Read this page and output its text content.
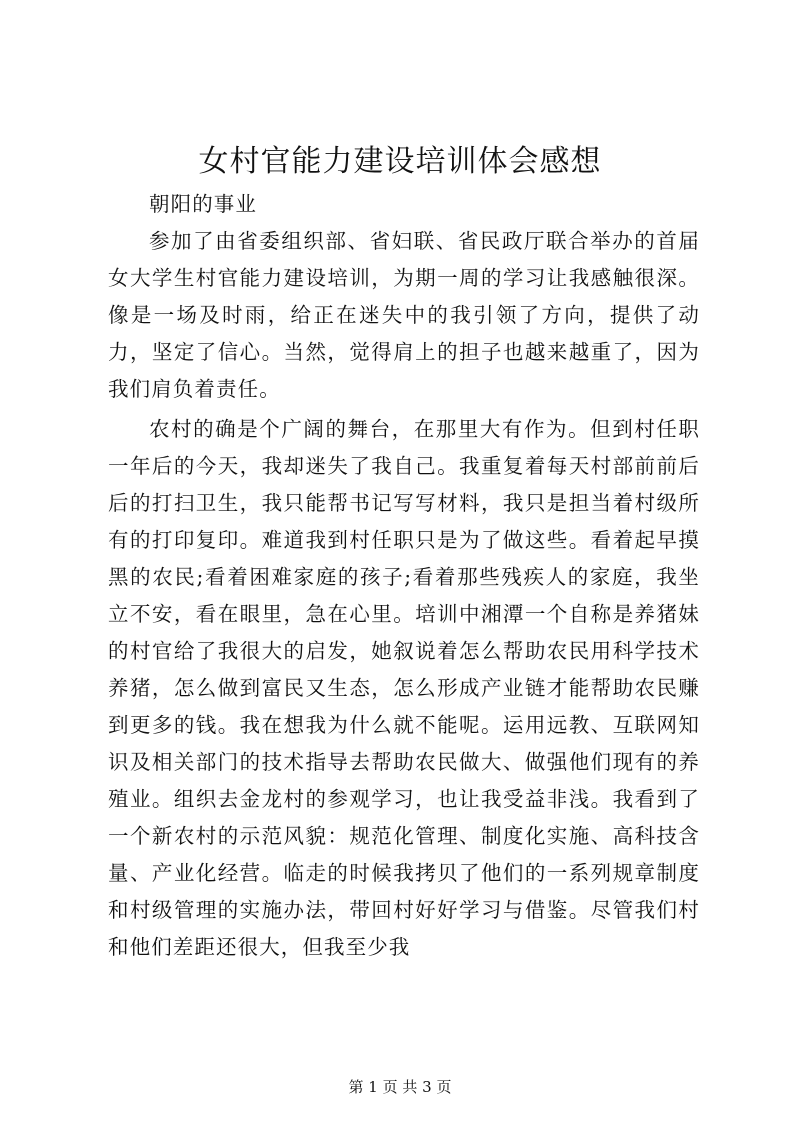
女村官能力建设培训体会感想

朝阳的事业

参加了由省委组织部、省妇联、省民政厅联合举办的首届女大学生村官能力建设培训，为期一周的学习让我感触很深。像是一场及时雨，给正在迷失中的我引领了方向，提供了动力，坚定了信心。当然，觉得肩上的担子也越来越重了，因为我们肩负着责任。

农村的确是个广阔的舞台，在那里大有作为。但到村任职一年后的今天，我却迷失了我自己。我重复着每天村部前前后后的打扫卫生，我只能帮书记写写材料，我只是担当着村级所有的打印复印。难道我到村任职只是为了做这些。看着起早摸黑的农民;看着困难家庭的孩子;看着那些残疾人的家庭，我坐立不安，看在眼里，急在心里。培训中湘潭一个自称是养猪妹的村官给了我很大的启发，她叙说着怎么帮助农民用科学技术养猪，怎么做到富民又生态，怎么形成产业链才能帮助农民赚到更多的钱。我在想我为什么就不能呢。运用远教、互联网知识及相关部门的技术指导去帮助农民做大、做强他们现有的养殖业。组织去金龙村的参观学习，也让我受益非浅。我看到了一个新农村的示范风貌：规范化管理、制度化实施、高科技含量、产业化经营。临走的时候我拷贝了他们的一系列规章制度和村级管理的实施办法，带回村好好学习与借鉴。尽管我们村和他们差距还很大，但我至少我

第 1 页 共 3 页
